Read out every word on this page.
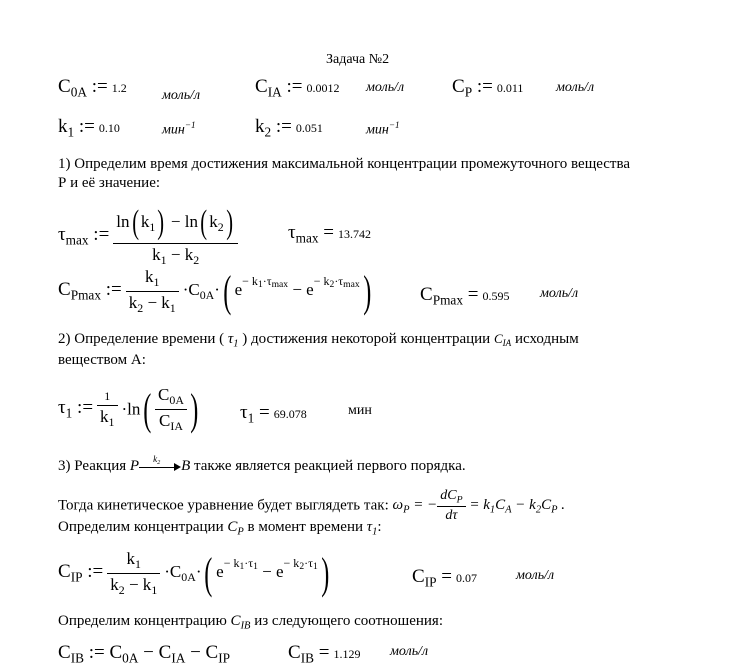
Задача №2
$C_{0A}$ := 1.2	моль/л	$C_{IA}$ := 0.0012 моль/л	$C_P$ := 0.011 моль/л
$k_1$ := 0.10	мин$^{-1}$	$k_2$ := 0.051	мин$^{-1}$
1) Определим время достижения максимальной концентрации промежуточного вещества
Р и её значение:
$\tau_{max}$ := $\frac{\ln( k_1) - \ln( k_2)}{k_1 - k_2}$	$\tau_{max} = 13.742$
$C_{Pmax}$ := $\frac{k_1}{k_2 - k_1} \cdot C_{0A}\cdot$( $e^{- k_1\cdot\tau_{max}} - e^{- k_2\cdot\tau_{max}}$)	$C_{Pmax} = 0.595$ моль/л
2) Определение времени ( $\tau_1$ ) достижения некоторой концентрации $C_{IA}$ исходным
веществом А:
$\tau_1$ := $\frac{1}{k_1} \cdot\ln( \frac{C_{0A}}{C_{IA}}$ ) $\tau_1 = 69.078$	мин
3) Реакция P $k_2$ B также является реакцией первого порядка.
Тогда кинетическое уравнение будет выглядеть так: $\omega_P$ = − $\frac{dC_P}{d\tau} = k_1C_A - k_2C_P$ .
Определим концентрации $C_P$ в момент времени $\tau_1$:
$C_{IP}$ := $\frac{k_1}{k_2 - k_1} \cdot C_{0A}\cdot$( $e^{- k_1\cdot\tau_1} - e^{- k_2\cdot\tau_1}$)	$C_{IP} = 0.07$	моль/л
Определим концентрацию $C_{IB}$ из следующего соотношения:
$C_{IB}$ := $C_{0A} - C_{IA} - C_{IP}$	$C_{IB} = 1.129$ моль/л
